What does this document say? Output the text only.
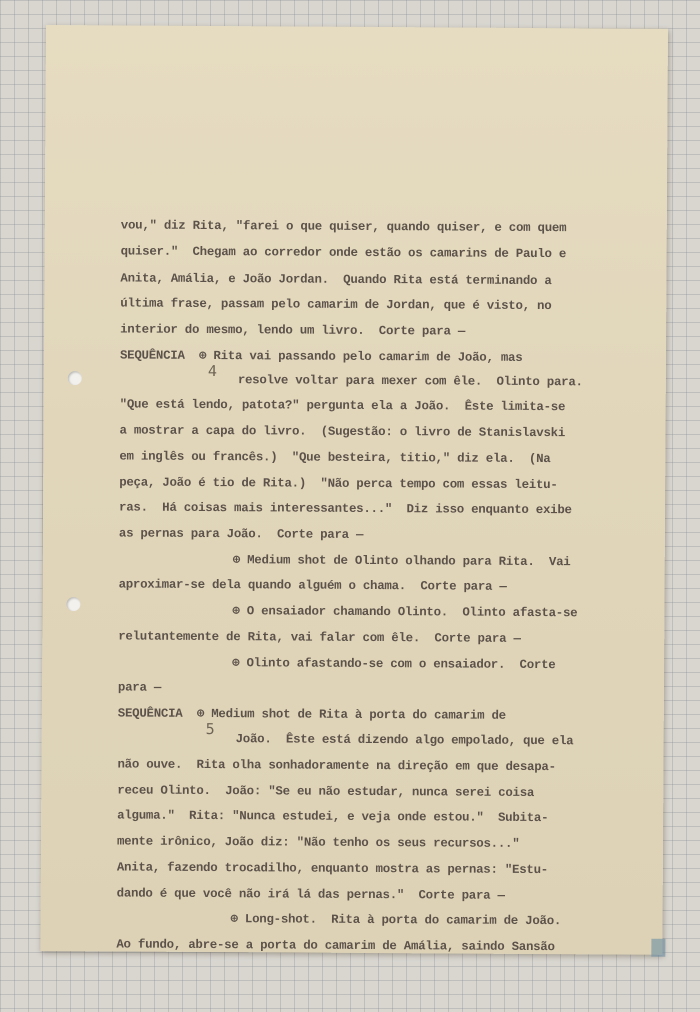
vou," diz Rita, "farei o que quiser, quando quiser, e com quem
quiser."  Chegam ao corredor onde estão os camarins de Paulo e
Anita, Amália, e João Jordan.  Quando Rita está terminando a
última frase, passam pelo camarim de Jordan, que é visto, no
interior do mesmo, lendo um livro.  Corte para —
SEQUÊNCIA  ⊕ Rita vai passando pelo camarim de João, mas
4
resolve voltar para mexer com êle.  Olinto para.
"Que está lendo, patota?" pergunta ela a João.  Êste limita-se
a mostrar a capa do livro.  (Sugestão: o livro de Stanislavski
em inglês ou francês.)  "Que besteira, titio," diz ela.  (Na
peça, João é tio de Rita.)  "Não perca tempo com essas leitu-
ras.  Há coisas mais interessantes..."  Diz isso enquanto exibe
as pernas para João.  Corte para —
⊕ Medium shot de Olinto olhando para Rita.  Vai
aproximar-se dela quando alguém o chama.  Corte para —
⊕ O ensaiador chamando Olinto.  Olinto afasta-se
relutantemente de Rita, vai falar com êle.  Corte para —
⊕ Olinto afastando-se com o ensaiador.  Corte
para —
SEQUÊNCIA  ⊕ Medium shot de Rita à porta do camarim de
5
João.  Êste está dizendo algo empolado, que ela
não ouve.  Rita olha sonhadoramente na direção em que desapa-
receu Olinto.  João: "Se eu não estudar, nunca serei coisa
alguma."  Rita: "Nunca estudei, e veja onde estou."  Subita-
mente irônico, João diz: "Não tenho os seus recursos..."
Anita, fazendo trocadilho, enquanto mostra as pernas: "Estu-
dando é que você não irá lá das pernas."  Corte para —
⊕ Long-shot.  Rita à porta do camarim de João.
Ao fundo, abre-se a porta do camarim de Amália, saindo Sansão
